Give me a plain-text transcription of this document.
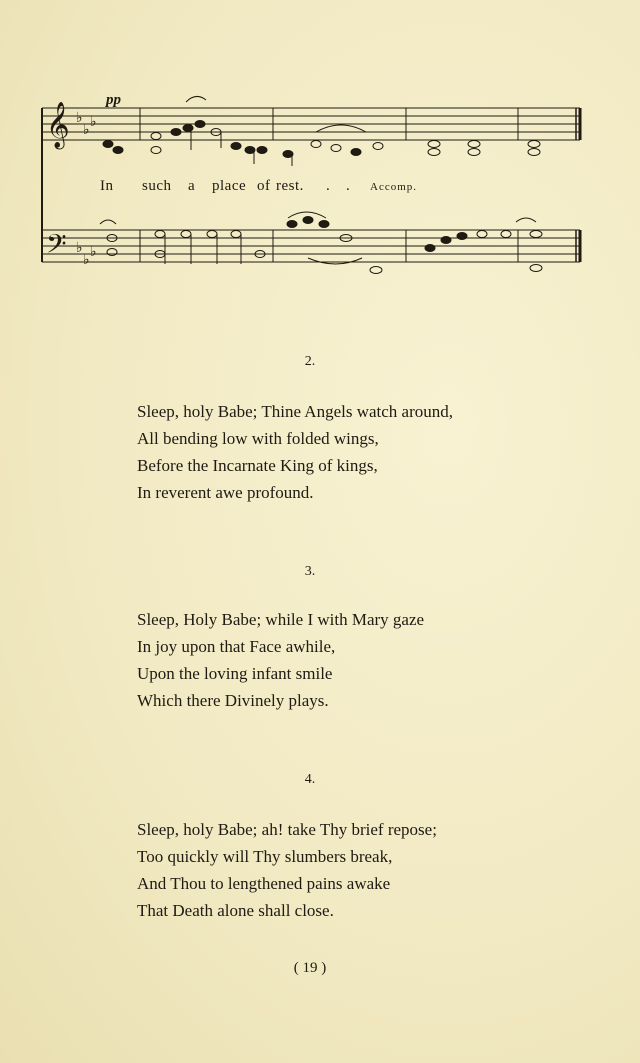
𝄞
𝄢
♭
♭ ♭
♭
♭ ♭
pp
In such a place of rest. . . Accomp.
2.
Sleep, holy Babe; Thine Angels watch around,
All bending low with folded wings,
Before the Incarnate King of kings,
In reverent awe profound.
3.
Sleep, Holy Babe; while I with Mary gaze
In joy upon that Face awhile,
Upon the loving infant smile
Which there Divinely plays.
4.
Sleep, holy Babe; ah! take Thy brief repose;
Too quickly will Thy slumbers break,
And Thou to lengthened pains awake
That Death alone shall close.
( 19 )
